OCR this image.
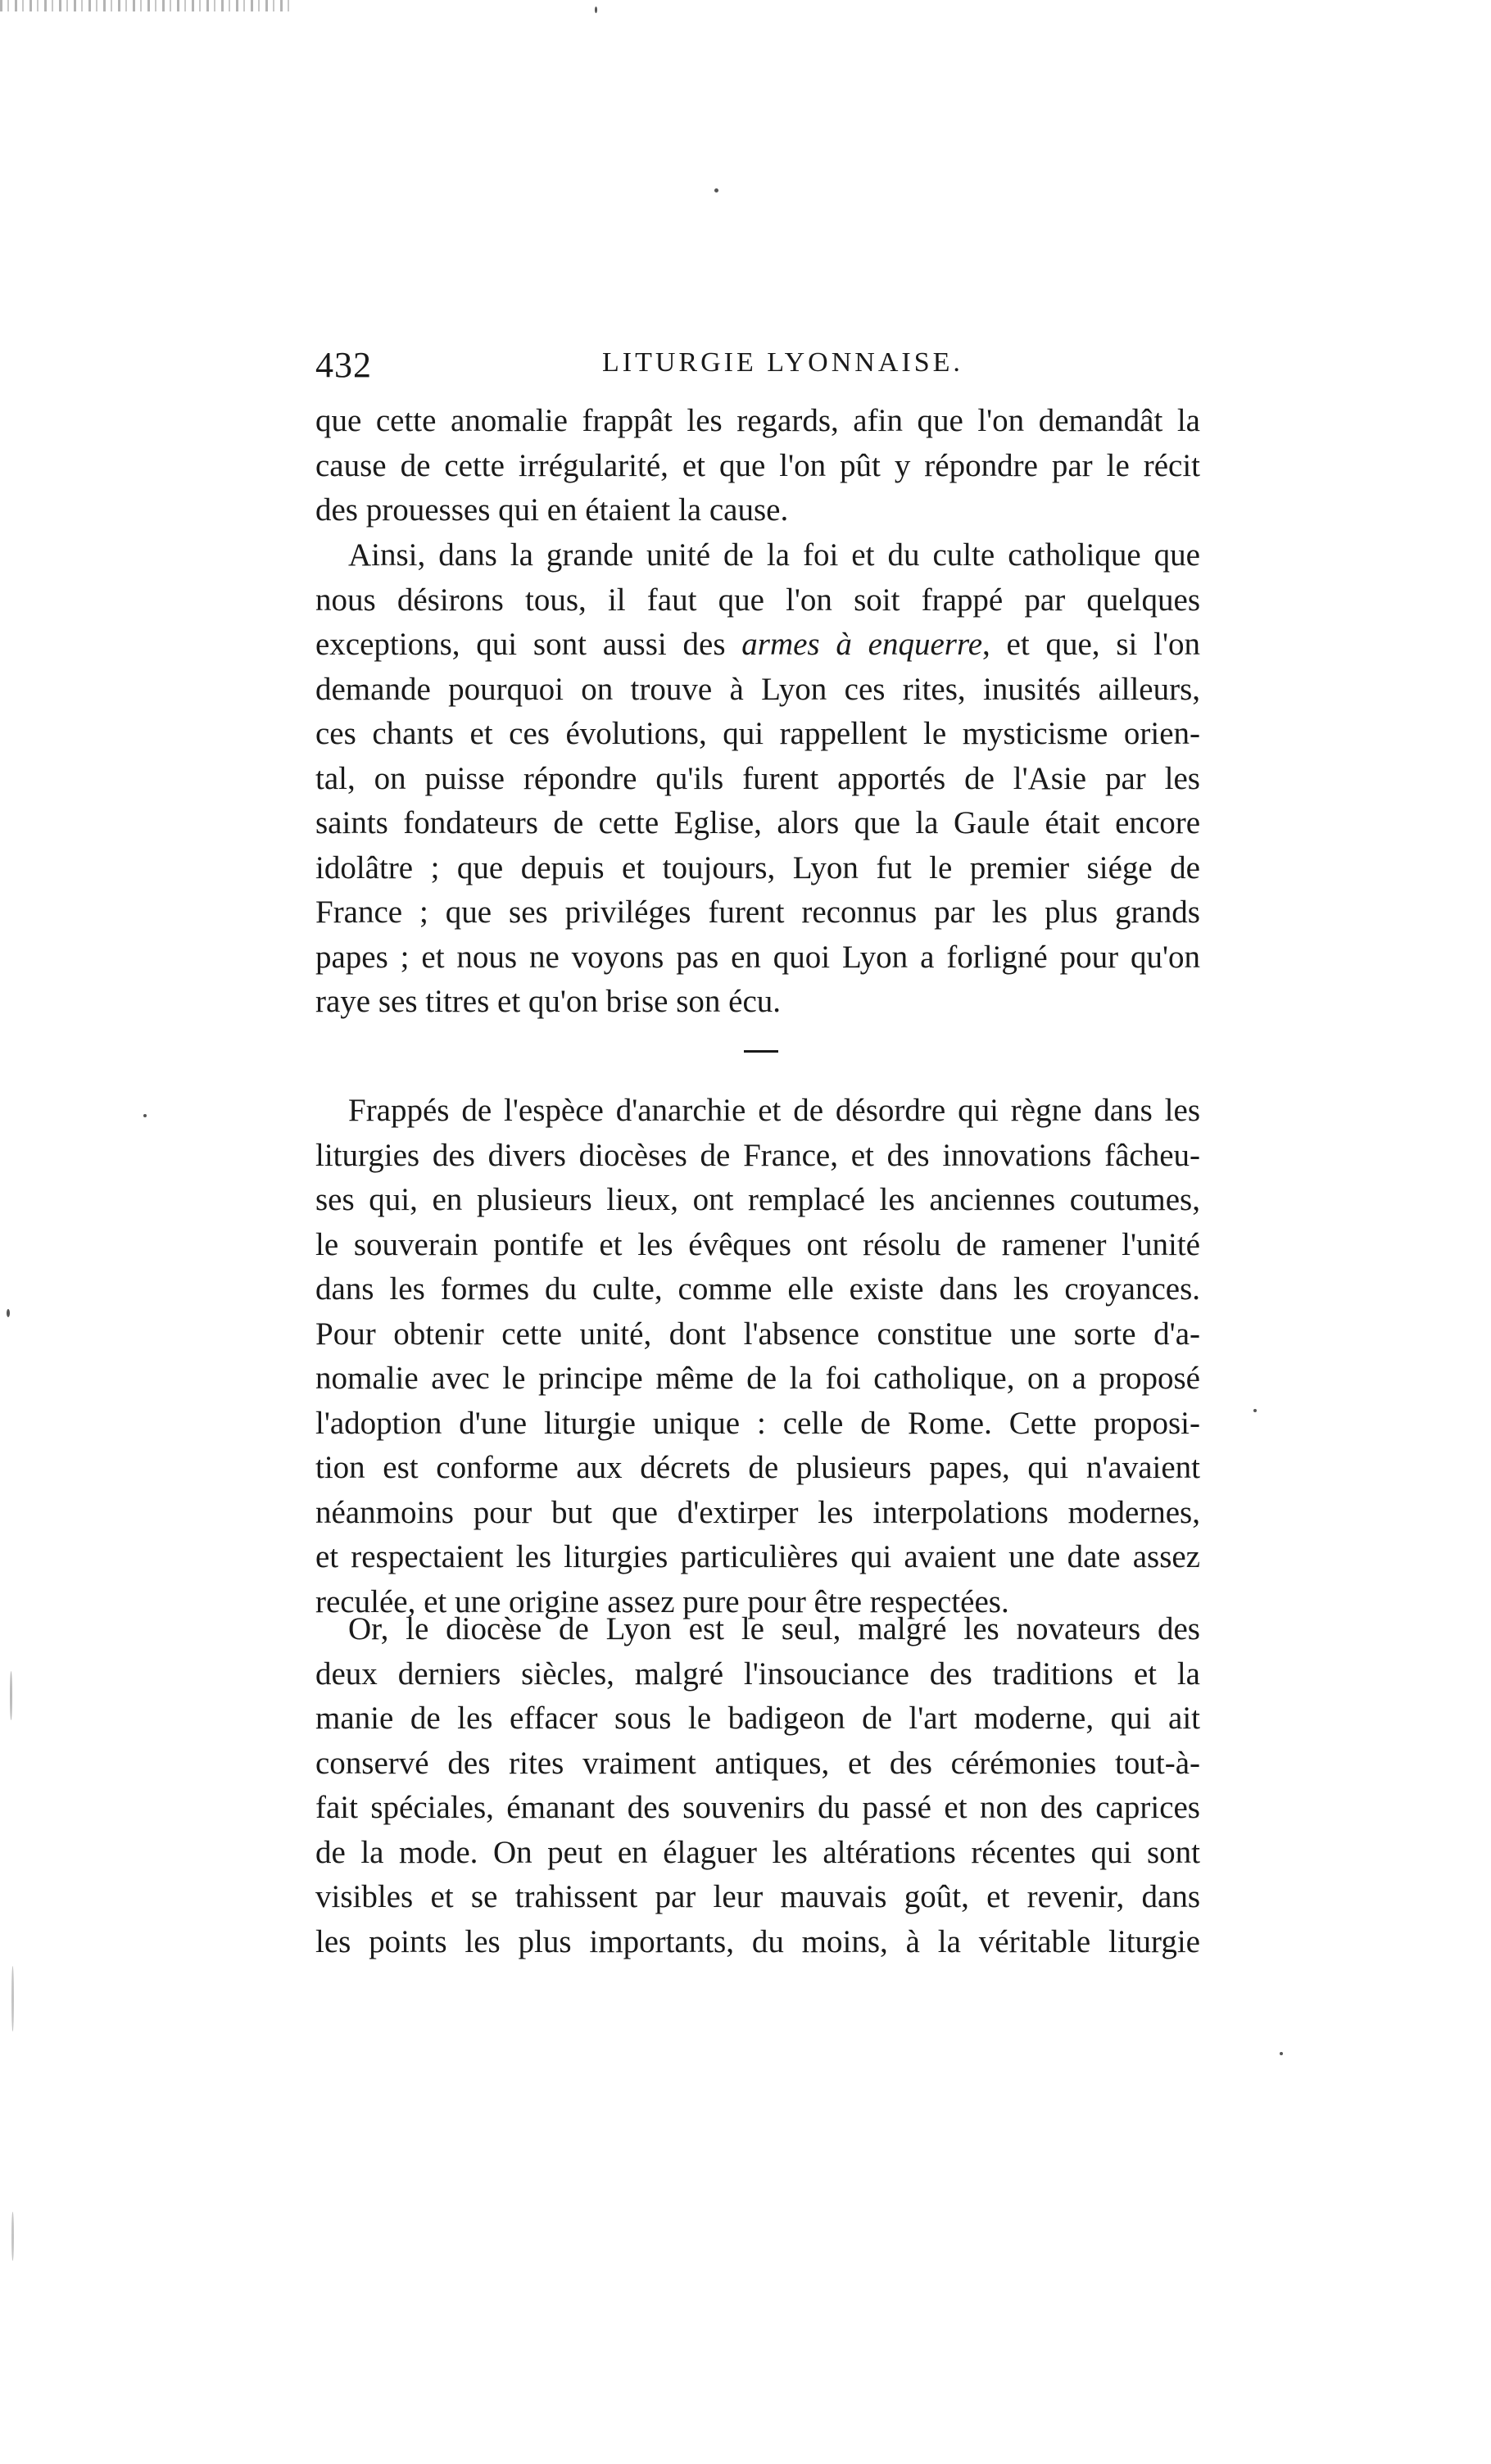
432	LITURGIE LYONNAISE.
que cette anomalie frappât les regards, afin que l'on demandât la
cause de cette irrégularité, et que l'on pût y répondre par le récit
des prouesses qui en étaient la cause.
Ainsi, dans la grande unité de la foi et du culte catholique que
nous désirons tous, il faut que l'on soit frappé par quelques
exceptions, qui sont aussi des armes à enquerre, et que, si l'on
demande pourquoi on trouve à Lyon ces rites, inusités ailleurs,
ces chants et ces évolutions, qui rappellent le mysticisme orien-
tal, on puisse répondre qu'ils furent apportés de l'Asie par les
saints fondateurs de cette Eglise, alors que la Gaule était encore
idolâtre ; que depuis et toujours, Lyon fut le premier siége de
France ; que ses priviléges furent reconnus par les plus grands
papes ; et nous ne voyons pas en quoi Lyon a forligné pour qu'on
raye ses titres et qu'on brise son écu.
Frappés de l'espèce d'anarchie et de désordre qui règne dans les
liturgies des divers diocèses de France, et des innovations fâcheu-
ses qui, en plusieurs lieux, ont remplacé les anciennes coutumes,
le souverain pontife et les évêques ont résolu de ramener l'unité
dans les formes du culte, comme elle existe dans les croyances.
Pour obtenir cette unité, dont l'absence constitue une sorte d'a-
nomalie avec le principe même de la foi catholique, on a proposé
l'adoption d'une liturgie unique : celle de Rome. Cette proposi-
tion est conforme aux décrets de plusieurs papes, qui n'avaient
néanmoins pour but que d'extirper les interpolations modernes,
et respectaient les liturgies particulières qui avaient une date assez
reculée, et une origine assez pure pour être respectées.
Or, le diocèse de Lyon est le seul, malgré les novateurs des
deux derniers siècles, malgré l'insouciance des traditions et la
manie de les effacer sous le badigeon de l'art moderne, qui ait
conservé des rites vraiment antiques, et des cérémonies tout-à-
fait spéciales, émanant des souvenirs du passé et non des caprices
de la mode. On peut en élaguer les altérations récentes qui sont
visibles et se trahissent par leur mauvais goût, et revenir, dans
les points les plus importants, du moins, à la véritable liturgie
